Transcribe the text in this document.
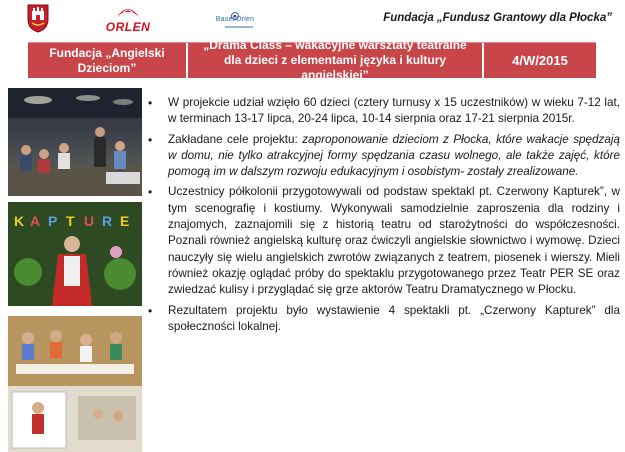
ORLEN
BasellOrlen	Fundacja „Fundusz Grantowy dla Płocka”
Fundacja „Angielski Dzieciom”
„Drama Class – wakacyjne warsztaty teatralne dla dzieci z elementami języka i kultury angielskiej”
4/W/2015
K A P T U R E
• W projekcie udział wzięło 60 dzieci (cztery turnusy x 15 uczestników) w wieku 7-12 lat, w terminach 13-17 lipca, 20-24 lipca, 10-14 sierpnia oraz 17-21 sierpnia 2015r.
• Zakładane cele projektu: zaproponowanie dzieciom z Płocka, które wakacje spędzają w domu, nie tylko atrakcyjnej formy spędzania czasu wolnego, ale także zajęć, które pomogą im w dalszym rozwoju edukacyjnym i osobistym- zostały zrealizowane.
• Uczestnicy półkolonii przygotowywali od podstaw spektakl pt. Czerwony Kapturek”, w tym scenografię i kostiumy. Wykonywali samodzielnie zaproszenia dla rodziny i znajomych, zaznajomili się z historią teatru od starożytności do współczesności. Poznali również angielską kulturę oraz ćwiczyli angielskie słownictwo i wymowę. Dzieci nauczyły się wielu angielskich zwrotów związanych z teatrem, piosenek i wierszy. Mieli również okazję oglądać próby do spektaklu przygotowanego przez Teatr PER SE oraz zwiedzać kulisy i przyglądać się grze aktorów Teatru Dramatycznego w Płocku.
• Rezultatem projektu było wystawienie 4 spektakli pt. „Czerwony Kapturek” dla społeczności lokalnej.
